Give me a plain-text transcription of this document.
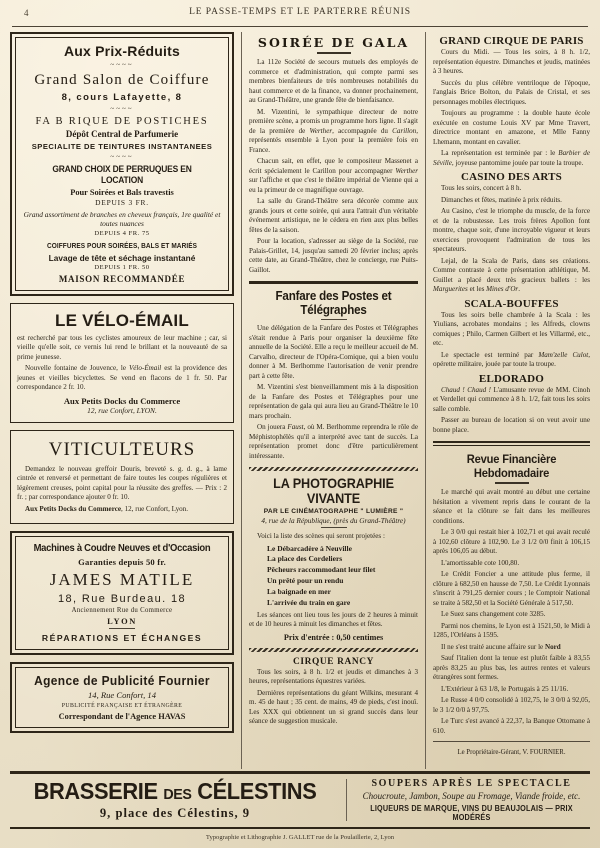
4	LE PASSE-TEMPS ET LE PARTERRE RÉUNIS
Aux Prix-Réduits
~~~~
Grand Salon de Coiffure
8, cours Lafayette, 8
~~~~
FA B RIQUE DE POSTICHES
Dépôt Central de Parfumerie
SPECIALITE DE TEINTURES INSTANTANEES
~~~~
GRAND CHOIX DE PERRUQUES EN LOCATION
Pour Soirées et Bals travestis
DEPUIS 3 FR.
Grand assortiment de branches en cheveux français, 1re qualité et toutes nuances
DEPUIS 4 FR. 75
COIFFURES POUR SOIRÉES, BALS ET MARIÉS
Lavage de tête et séchage instantané
DEPUIS 1 FR. 50
MAISON RECOMMANDÉE
LE VÉLO-ÉMAIL

est recherché par tous les cyclistes amoureux de leur machine ; car, si vieille qu'elle soit, ce vernis lui rend le brillant et la nouveauté de sa prime jeunesse.

Nouvelle fontaine de Jouvence, le Vélo-Émail est la providence des jeunes et vieilles bicyclettes. Se vend en flacons de 1 fr. 50. Par correspondance 2 fr. 10.

Aux Petits Docks du Commerce
12, rue Confort, LYON.
VITICULTEURS

Demandez le nouveau greffoir Douris, breveté s. g. d. g., à lame cintrée et renversé et permettant de faire toutes les coupes régulières et légèrement creuses, point capital pour la réussite des greffes. — Prix : 2 fr. ; par correspondance ajouter 0 fr. 10.

Aux Petits Docks du Commerce, 12, rue Confort, Lyon.

Machines à Coudre Neuves et d'Occasion
Garanties depuis 50 fr.
JAMES MATILE
18, Rue Burdeau. 18
Anciennement Rue du Commerce
LYON
RÉPARATIONS ET ÉCHANGES
Agence de Publicité Fournier
14, Rue Confort, 14
PUBLICITÉ FRANÇAISE ET ÉTRANGÈRE
Correspondant de l'Agence HAVAS
SOIRÉE DE GALA

La 112e Société de secours mutuels des employés de commerce et d'administration, qui compte parmi ses membres bienfaiteurs de très nombreuses notabilités du haut commerce et de la finance, va donner prochainement, au Grand-Théâtre, une grande fête de bienfaisance.

M. Vizentini, le sympathique directeur de notre première scène, a promis un programme hors ligne. Il s'agit de la première de Werther, accompagnée du Carillon, représentés ensemble à Lyon pour la première fois en France.

Chacun sait, en effet, que le compositeur Massenet a écrit spécialement le Carillon pour accompagner Werther sur l'affiche et que c'est le théâtre impérial de Vienne qui a eu la primeur de ce magnifique ouvrage.

La salle du Grand-Théâtre sera décorée comme aux grands jours et cette soirée, qui aura l'attrait d'un véritable événement artistique, ne le cédera en rien aux plus belles fêtes de la saison.

Pour la location, s'adresser au siège de la Société, rue Palais-Grillet, 14, jusqu'au samedi 20 février inclus; après cette date, au Grand-Théâtre, chez le concierge, rue Puits-Gaillot.

Fanfare des Postes et Télégraphes

Une délégation de la Fanfare des Postes et Télégraphes s'était rendue à Paris pour organiser la deuxième fête annuelle de la Société. Elle a reçu le meilleur accueil de M. Carvalho, directeur de l'Opéra-Comique, qui a bien voulu donner à M. Berlhomme l'autorisation de venir prendre part à cette fête.

M. Vizentini s'est bienveillamment mis à la disposition de la Fanfare des Postes et Télégraphes pour une représentation de gala qui aura lieu au Grand-Théâtre le 10 mars prochain.

On jouera Faust, où M. Berlhomme reprendra le rôle de Méphistophélès qu'il a interprété avec tant de succès. La représentation promet donc d'être particulièrement intéressante.

LA PHOTOGRAPHIE VIVANTE
PAR LE CINÉMATOGRAPHE " LUMIÈRE "
4, rue de la République, (près du Grand-Théâtre)

Voici la liste des scènes qui seront projetées :

Le Débarcadère à Neuville
La place des Cordeliers
Pêcheurs raccommodant leur filet
Un prêté pour un rendu
La baignade en mer
L'arrivée du train en gare

Les séances ont lieu tous les jours de 2 heures à minuit et de 10 heures à minuit les dimanches et fêtes.

Prix d'entrée : 0,50 centimes
CIRQUE RANCY

Tous les soirs, à 8 h. 1/2 et jeudis et dimanches à 3 heures, représentations équestres variées.

Dernières représentations du géant Wilkins, mesurant 4 m. 45 de haut ; 35 cent. de mains, 49 de pieds, c'est inouï. Les XXX qui obtiennent un si grand succès dans leur séance de suggestion musicale.

GRAND CIRQUE DE PARIS

Cours du Midi. — Tous les soirs, à 8 h. 1/2, représentation équestre. Dimanches et jeudis, matinées à 3 heures.

Succès du plus célèbre ventriloque de l'époque, l'anglais Brice Bolton, du Palais de Cristal, et ses personnages mobiles électriques.

Toujours au programme : la double haute école exécutée en costume Louis XV par Mme Travert, directrice montant en amazone, et Mlle Fanny Lhemann, montant en cavalier.

La représentation est terminée par : le Barbier de Séville, joyeuse pantomime jouée par toute la troupe.

CASINO DES ARTS

Tous les soirs, concert à 8 h.

Dimanches et fêtes, matinée à prix réduits.

Au Casino, c'est le triomphe du muscle, de la force et de la robustesse. Les trois frères Apollon font montre, chaque soir, d'une incroyable vigueur et leurs exercices provoquent l'admiration de tous les spectateurs.

Lejal, de la Scala de Paris, dans ses créations. Comme contraste à cette présentation athlétique, M. Guillet a placé deux très gracieux ballets : les Marguerites et les Mines d'Or.

SCALA-BOUFFES

Tous les soirs belle chambrée à la Scala : les Yiulians, acrobates mondains ; les Alfreds, clowns comiques ; Philo, Carmen Gilbert et les Villarmé, etc., etc.

Le spectacle est terminé par Mam'zelle Culot, opérette militaire, jouée par toute la troupe.

ELDORADO

Chaud ! Chaud ! L'amusante revue de MM. Cinoh et Verdellet qui commence à 8 h. 1/2, fait tous les soirs salle comble.

Passer au bureau de location si on veut avoir une bonne place.

Revue Financière Hebdomadaire

Le marché qui avait montré au début une certaine hésitation a vivement repris dans le courant de la séance et la clôture se fait dans les meilleures conditions.

Le 3 0/0 qui restait hier à 102,71 et qui avait reculé à 102,60 clôture à 102,90. Le 3 1/2 0/0 finit à 106,15 après 106,05 au début.

L'amortissable cote 100,80.

Le Crédit Foncier a une attitude plus ferme, il clôture à 682,50 en hausse de 7,50. Le Crédit Lyonnais s'inscrit à 791,25 dernier cours ; le Comptoir National se traite à 582,50 et la Société Générale à 517,50.

Le Suez sans changement cote 3285.

Parmi nos chemins, le Lyon est à 1521,50, le Midi à 1285, l'Orléans à 1595.

Il ne s'est traité aucune affaire sur le Nord

Sauf l'italien dont la tenue est plutôt faible à 83,55 après 83,25 au plus bas, les autres rentes et valeurs étrangères sont fermes.

L'Extérieur à 63 1/8, le Portugais à 25 11/16.

Le Russe 4 0/0 consolidé à 102,75, le 3 0/0 à 92,05, le 3 1/2 0/0 à 97,75.

Le Turc s'est avancé à 22,37, la Banque Ottomane à 610.

Le Propriétaire-Gérant, V. FOURNIER.
BRASSERIE DES CÉLESTINS
9, place des Célestins, 9
SOUPERS APRÈS LE SPECTACLE
Choucroute, Jambon, Soupe au Fromage, Viande froide, etc.
LIQUEURS DE MARQUE, VINS DU BEAUJOLAIS — PRIX MODÉRÉS
Typographie et Lithographie J. GALLET rue de la Poulaillerie, 2, Lyon
